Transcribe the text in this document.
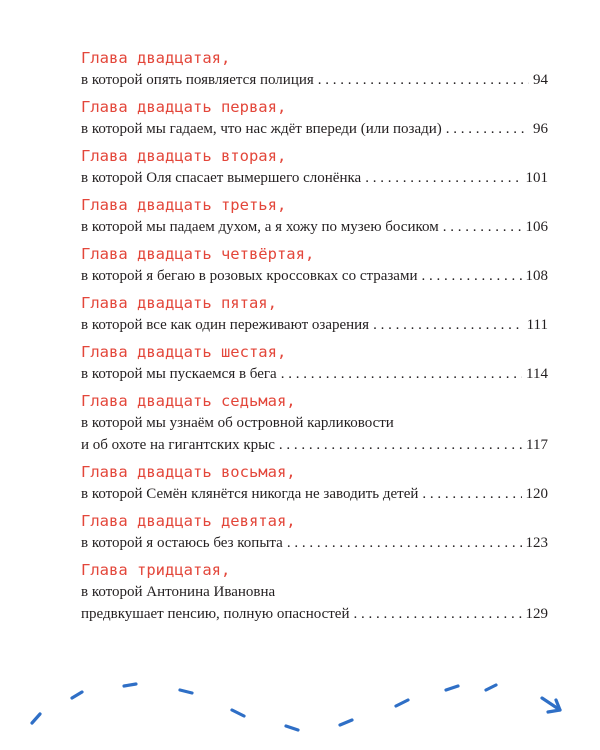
Глава двадцатая,
в которой опять появляется полиция . . .	94
Глава двадцать первая,
в которой мы гадаем, что нас ждёт впереди (или позади) . . .	96
Глава двадцать вторая,
в которой Оля спасает вымершего слонёнка . . .	101
Глава двадцать третья,
в которой мы падаем духом, а я хожу по музею босиком . . .	106
Глава двадцать четвёртая,
в которой я бегаю в розовых кроссовках со стразами . . .	108
Глава двадцать пятая,
в которой все как один переживают озарения . . .	111
Глава двадцать шестая,
в которой мы пускаемся в бега . . .	114
Глава двадцать седьмая,
в которой мы узнаём об островной карликовости
и об охоте на гигантских крыс . . .	117
Глава двадцать восьмая,
в которой Семён клянётся никогда не заводить детей . . .	120
Глава двадцать девятая,
в которой я остаюсь без копыта . . .	123
Глава тридцатая,
в которой Антонина Ивановна
предвкушает пенсию, полную опасностей . . .	129
